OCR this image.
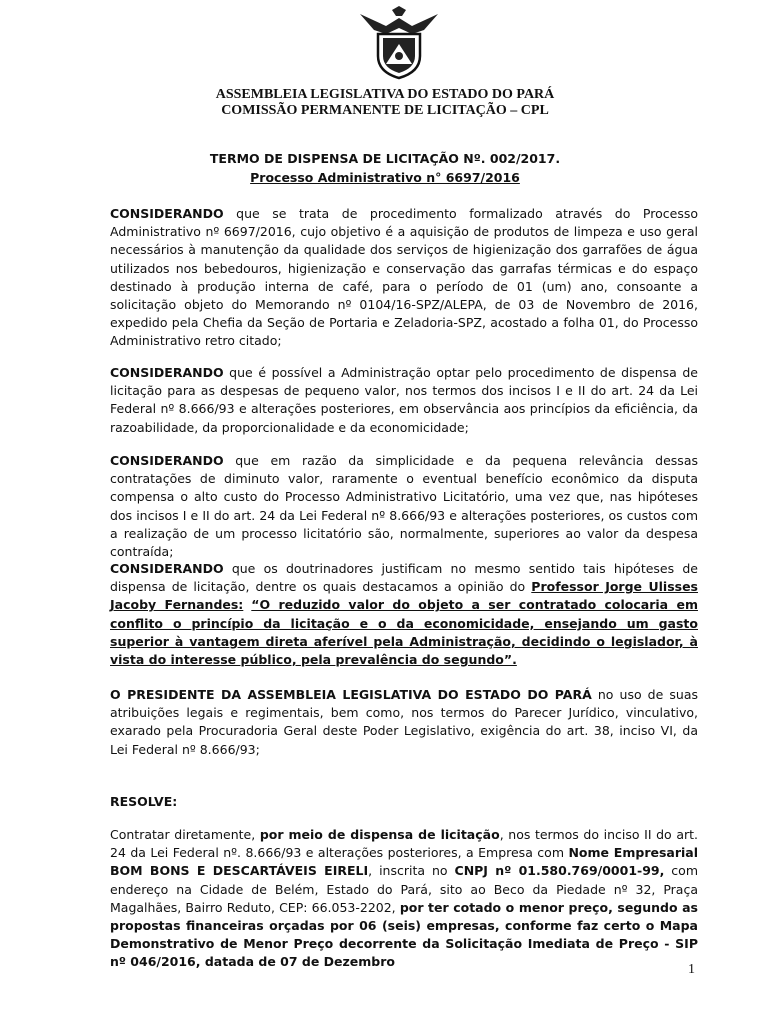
ASSEMBLEIA LEGISLATIVA DO ESTADO DO PARÁ
COMISSÃO PERMANENTE DE LICITAÇÃO – CPL
TERMO DE DISPENSA DE LICITAÇÃO Nº. 002/2017.
Processo Administrativo n° 6697/2016

CONSIDERANDO que se trata de procedimento formalizado através do Processo Administrativo nº 6697/2016, cujo objetivo é a aquisição de produtos de limpeza e uso geral necessários à manutenção da qualidade dos serviços de higienização dos garrafões de água utilizados nos bebedouros, higienização e conservação das garrafas térmicas e do espaço destinado à produção interna de café, para o período de 01 (um) ano, consoante a solicitação objeto do Memorando nº 0104/16-SPZ/ALEPA, de 03 de Novembro de 2016, expedido pela Chefia da Seção de Portaria e Zeladoria-SPZ, acostado a folha 01, do Processo Administrativo retro citado;

CONSIDERANDO que é possível a Administração optar pelo procedimento de dispensa de licitação para as despesas de pequeno valor, nos termos dos incisos I e II do art. 24 da Lei Federal nº 8.666/93 e alterações posteriores, em observância aos princípios da eficiência, da razoabilidade, da proporcionalidade e da economicidade;

CONSIDERANDO que em razão da simplicidade e da pequena relevância dessas contratações de diminuto valor, raramente o eventual benefício econômico da disputa compensa o alto custo do Processo Administrativo Licitatório, uma vez que, nas hipóteses dos incisos I e II do art. 24 da Lei Federal nº 8.666/93 e alterações posteriores, os custos com a realização de um processo licitatório são, normalmente, superiores ao valor da despesa contraída;

CONSIDERANDO que os doutrinadores justificam no mesmo sentido tais hipóteses de dispensa de licitação, dentre os quais destacamos a opinião do Professor Jorge Ulisses Jacoby Fernandes: “O reduzido valor do objeto a ser contratado colocaria em conflito o princípio da licitação e o da economicidade, ensejando um gasto superior à vantagem direta aferível pela Administração, decidindo o legislador, à vista do interesse público, pela prevalência do segundo”.

O PRESIDENTE DA ASSEMBLEIA LEGISLATIVA DO ESTADO DO PARÁ no uso de suas atribuições legais e regimentais, bem como, nos termos do Parecer Jurídico, vinculativo, exarado pela Procuradoria Geral deste Poder Legislativo, exigência do art. 38, inciso VI, da Lei Federal nº 8.666/93;

RESOLVE:

Contratar diretamente, por meio de dispensa de licitação, nos termos do inciso II do art. 24 da Lei Federal nº. 8.666/93 e alterações posteriores, a Empresa com Nome Empresarial BOM BONS E DESCARTÁVEIS EIRELI, inscrita no CNPJ nº 01.580.769/0001-99, com endereço na Cidade de Belém, Estado do Pará, sito ao Beco da Piedade nº 32, Praça Magalhães, Bairro Reduto, CEP: 66.053-2202, por ter cotado o menor preço, segundo as propostas financeiras orçadas por 06 (seis) empresas, conforme faz certo o Mapa Demonstrativo de Menor Preço decorrente da Solicitação Imediata de Preço - SIP nº 046/2016, datada de 07 de Dezembro

1
